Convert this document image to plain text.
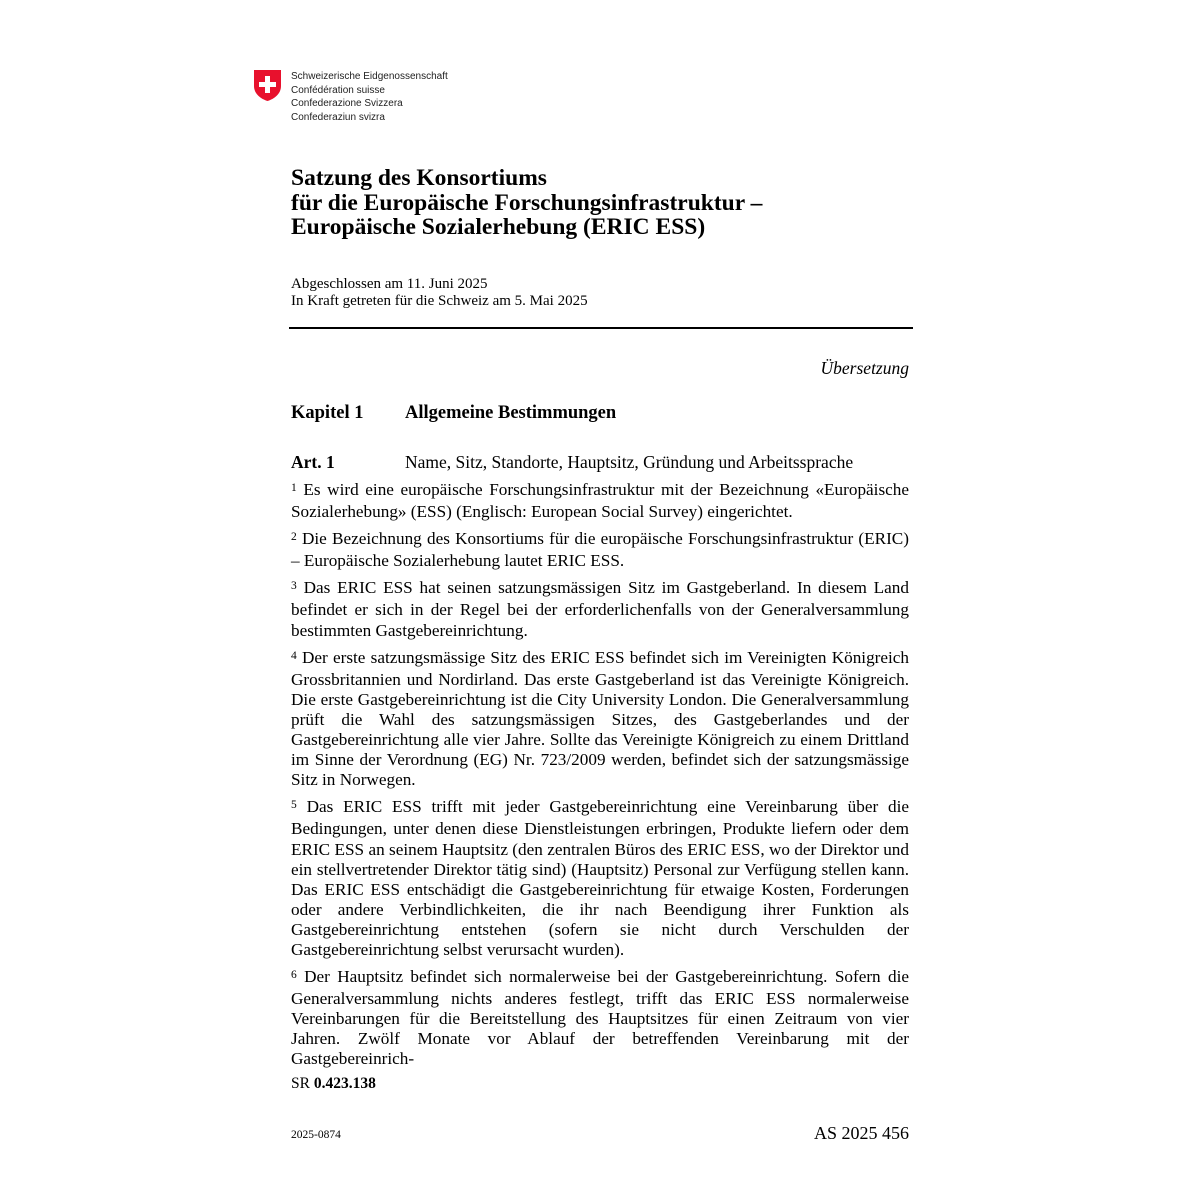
Schweizerische Eidgenossenschaft
Confédération suisse
Confederazione Svizzera
Confederaziun svizra
Satzung des Konsortiums
für die Europäische Forschungsinfrastruktur –
Europäische Sozialerhebung (ERIC ESS)
Abgeschlossen am 11. Juni 2025
In Kraft getreten für die Schweiz am 5. Mai 2025
Übersetzung
Kapitel 1 Allgemeine Bestimmungen
Art. 1	Name, Sitz, Standorte, Hauptsitz, Gründung und Arbeitssprache

$^1$ Es wird eine europäische Forschungsinfrastruktur mit der Bezeichnung «Europäische Sozialerhebung» (ESS) (Englisch: European Social Survey) eingerichtet.

$^2$ Die Bezeichnung des Konsortiums für die europäische Forschungsinfrastruktur (ERIC) – Europäische Sozialerhebung lautet ERIC ESS.

$^3$ Das ERIC ESS hat seinen satzungsmässigen Sitz im Gastgeberland. In diesem Land befindet er sich in der Regel bei der erforderlichenfalls von der Generalversammlung bestimmten Gastgebereinrichtung.

$^4$ Der erste satzungsmässige Sitz des ERIC ESS befindet sich im Vereinigten Königreich Grossbritannien und Nordirland. Das erste Gastgeberland ist das Vereinigte Königreich. Die erste Gastgebereinrichtung ist die City University London. Die Generalversammlung prüft die Wahl des satzungsmässigen Sitzes, des Gastgeberlandes und der Gastgebereinrichtung alle vier Jahre. Sollte das Vereinigte Königreich zu einem Drittland im Sinne der Verordnung (EG) Nr. 723/2009 werden, befindet sich der satzungsmässige Sitz in Norwegen.

$^5$ Das ERIC ESS trifft mit jeder Gastgebereinrichtung eine Vereinbarung über die Bedingungen, unter denen diese Dienstleistungen erbringen, Produkte liefern oder dem ERIC ESS an seinem Hauptsitz (den zentralen Büros des ERIC ESS, wo der Direktor und ein stellvertretender Direktor tätig sind) (Hauptsitz) Personal zur Verfügung stellen kann. Das ERIC ESS entschädigt die Gastgebereinrichtung für etwaige Kosten, Forderungen oder andere Verbindlichkeiten, die ihr nach Beendigung ihrer Funktion als Gastgebereinrichtung entstehen (sofern sie nicht durch Verschulden der Gastgebereinrichtung selbst verursacht wurden).

$^6$ Der Hauptsitz befindet sich normalerweise bei der Gastgebereinrichtung. Sofern die Generalversammlung nichts anderes festlegt, trifft das ERIC ESS normalerweise Vereinbarungen für die Bereitstellung des Hauptsitzes für einen Zeitraum von vier Jahren. Zwölf Monate vor Ablauf der betreffenden Vereinbarung mit der Gastgebereinrich-

SR 0.423.138
2025-0874	AS 2025 456
